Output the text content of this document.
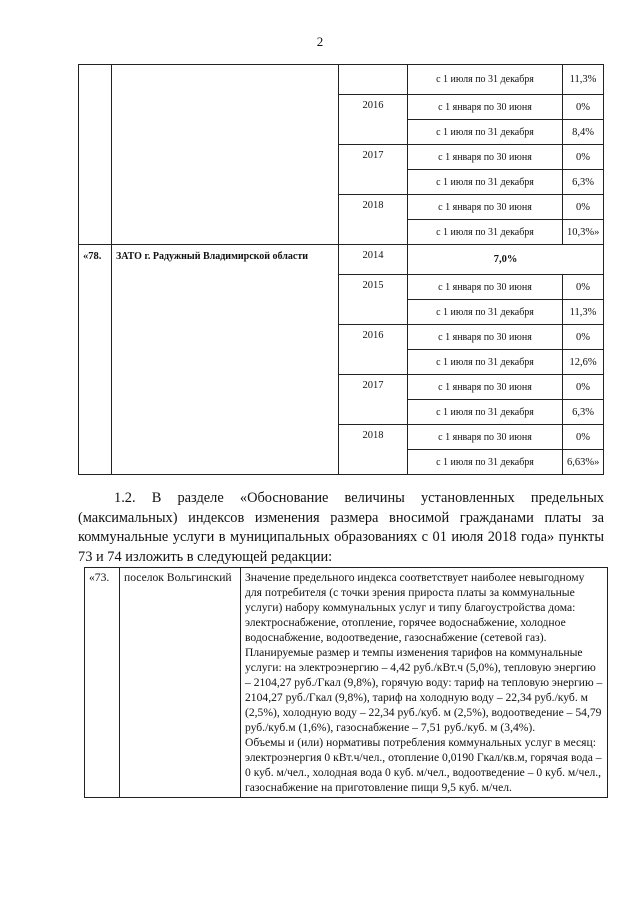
2
			с 1 июля по 31 декабря	11,3%
		2016	с 1 января по 30 июня	0%
			с 1 июля по 31 декабря	8,4%
		2017	с 1 января по 30 июня	0%
			с 1 июля по 31 декабря	6,3%
		2018	с 1 января по 30 июня	0%
			с 1 июля по 31 декабря	10,3%»
«78.	ЗАТО г. Радужный Владимирской области	2014	7,0%	
		2015	с 1 января по 30 июня	0%
			с 1 июля по 31 декабря	11,3%
		2016	с 1 января по 30 июня	0%
			с 1 июля по 31 декабря	12,6%
		2017	с 1 января по 30 июня	0%
			с 1 июля по 31 декабря	6,3%
		2018	с 1 января по 30 июня	0%
			с 1 июля по 31 декабря	6,63%»
1.2. В разделе «Обоснование величины установленных предельных (максимальных) индексов изменения размера вносимой гражданами платы за коммунальные услуги в муниципальных образованиях с 01 июля 2018 года» пункты 73 и 74 изложить в следующей редакции:
«73.	поселок Вольгинский	Значение предельного индекса соответствует наиболее невыгодному для потребителя (с точки зрения прироста платы за коммунальные услуги) набору коммунальных услуг и типу благоустройства дома: электроснабжение, отопление, горячее водоснабжение, холодное водоснабжение, водоотведение, газоснабжение (сетевой газ).

Планируемые размер и темпы изменения тарифов на коммунальные услуги: на электроэнергию – 4,42 руб./кВт.ч (5,0%), тепловую энергию – 2104,27 руб./Гкал (9,8%), горячую воду: тариф на тепловую энергию – 2104,27 руб./Гкал (9,8%), тариф на холодную воду – 22,34 руб./куб. м (2,5%), холодную воду – 22,34 руб./куб. м (2,5%), водоотведение – 54,79 руб./куб.м (1,6%), газоснабжение – 7,51 руб./куб. м (3,4%).

Объемы и (или) нормативы потребления коммунальных услуг в месяц: электроэнергия 0 кВт.ч/чел., отопление 0,0190 Гкал/кв.м, горячая вода – 0 куб. м/чел., холодная вода 0 куб. м/чел., водоотведение – 0 куб. м/чел., газоснабжение на приготовление пищи 9,5 куб. м/чел.
